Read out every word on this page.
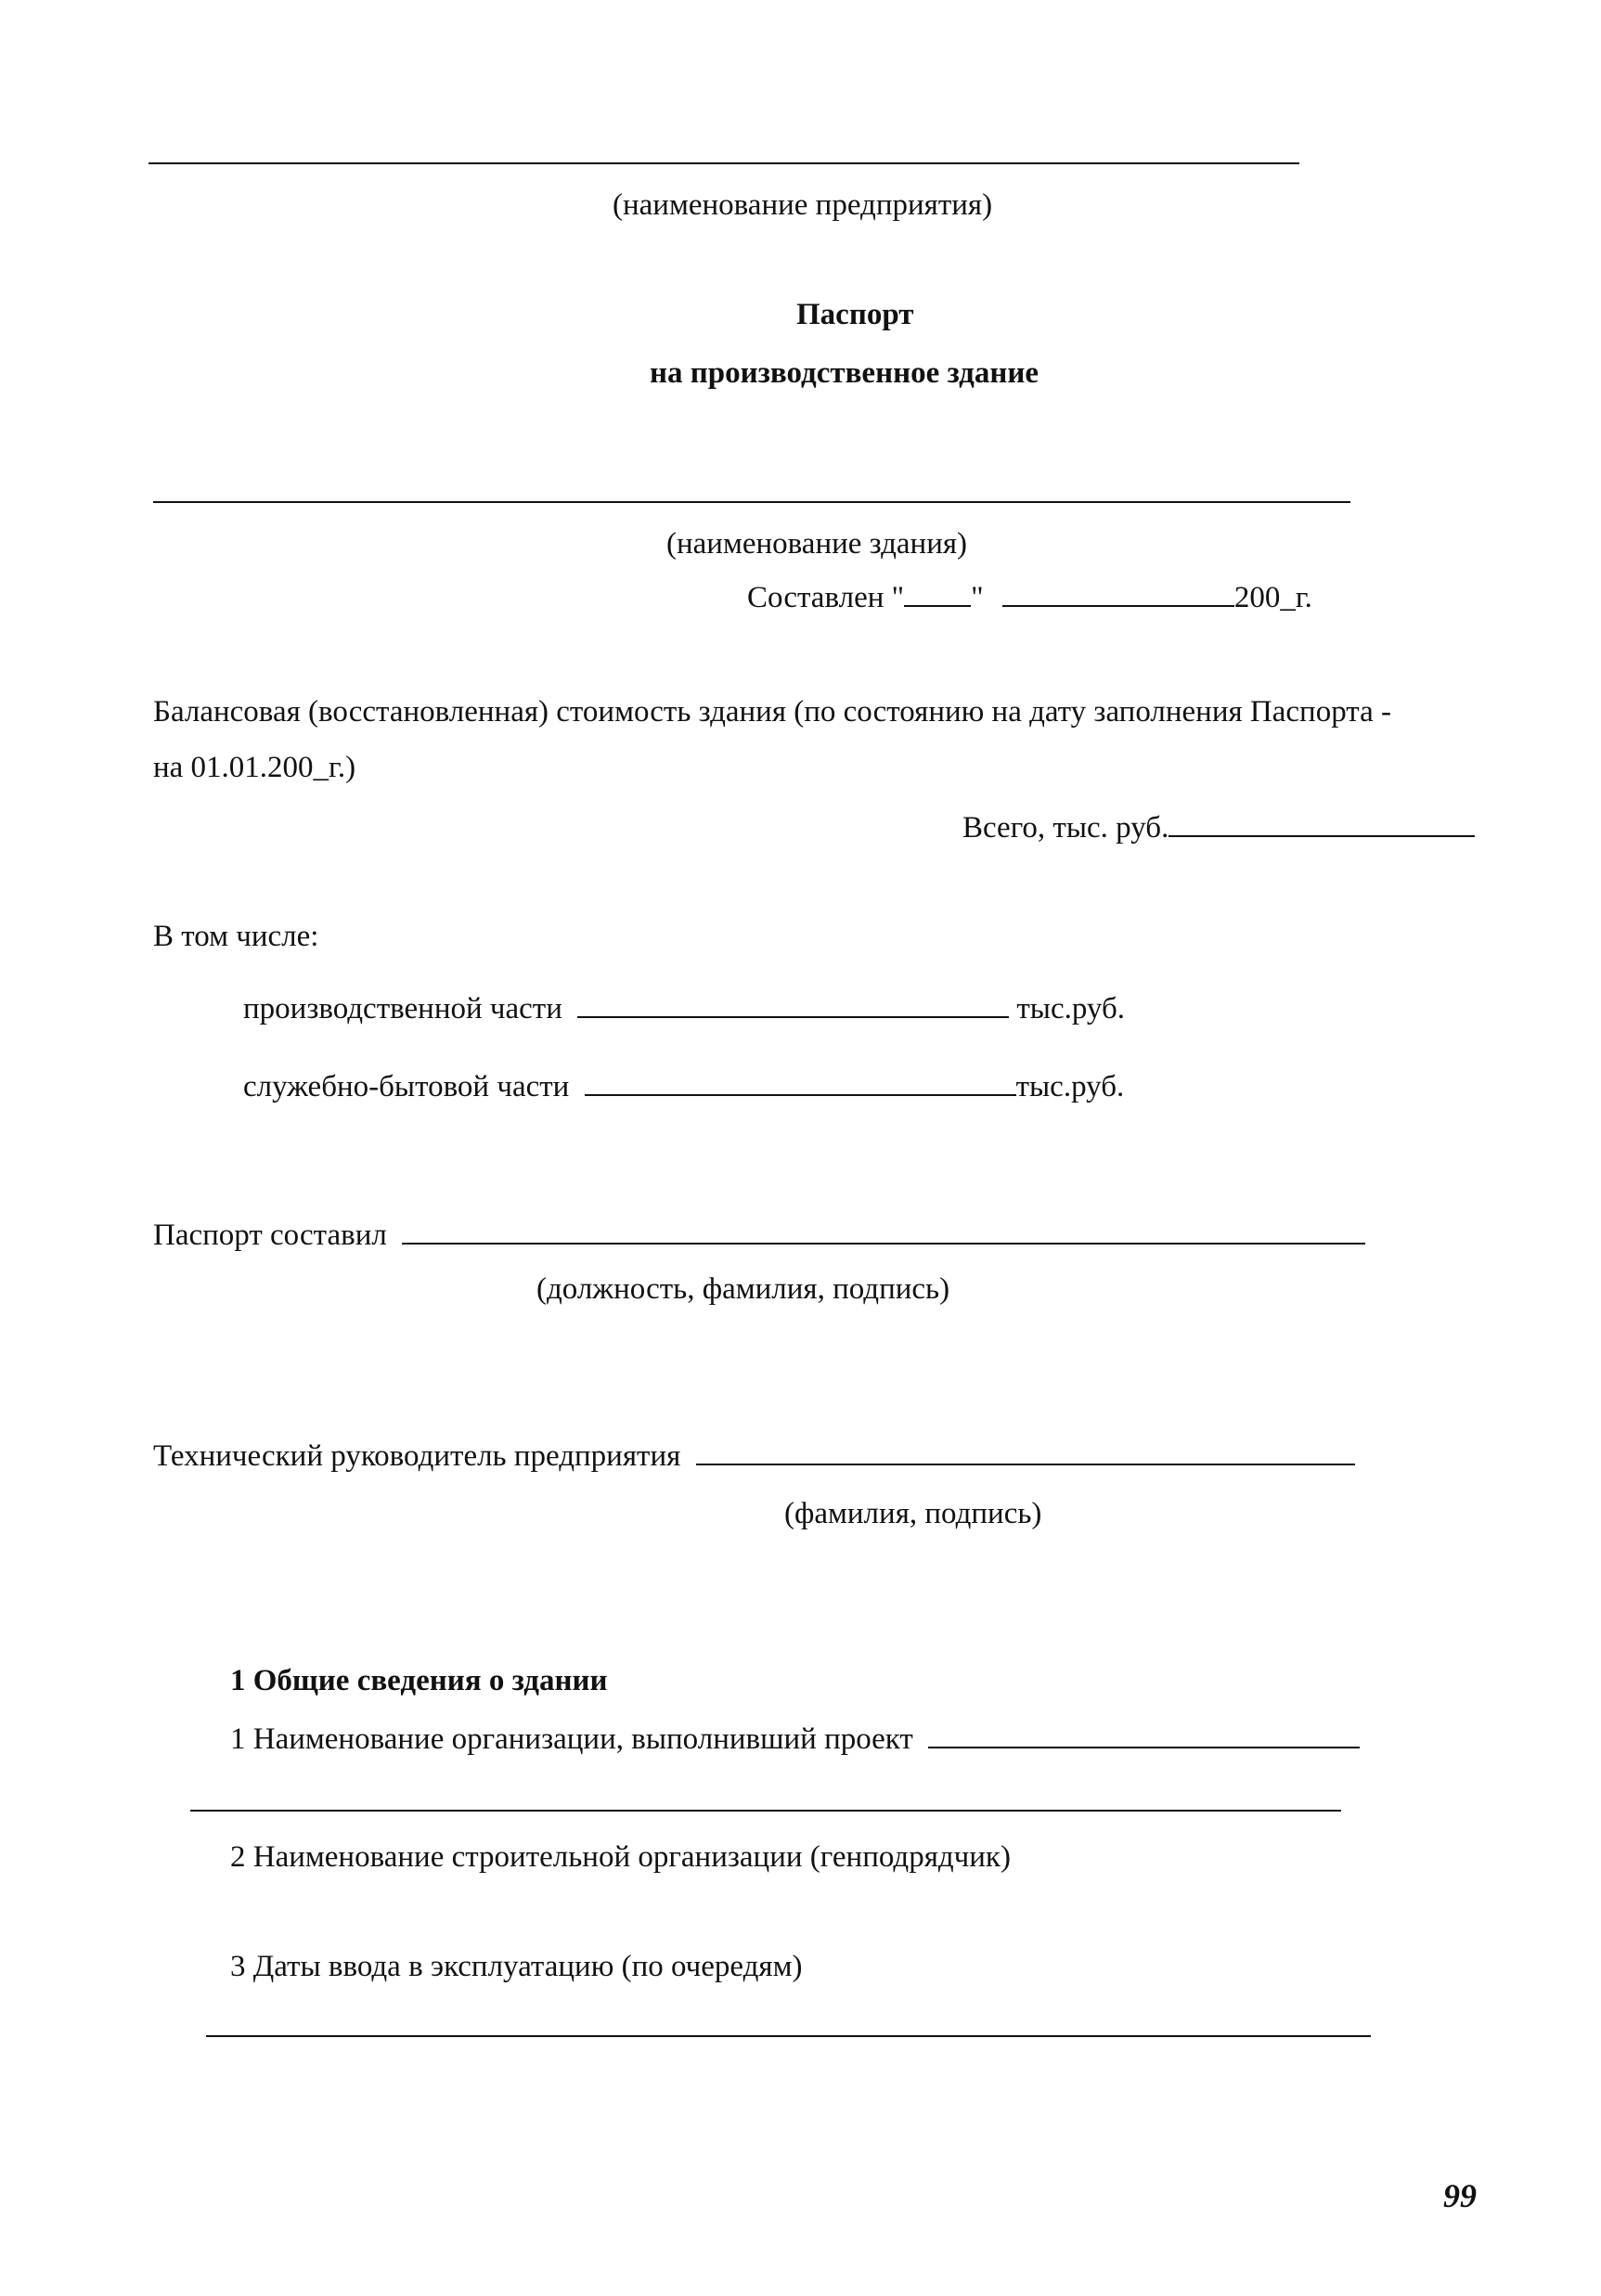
(наименование предприятия)
Паспорт
на производственное здание
(наименование здания)
Составлен " "	200_г.
Балансовая (восстановленная) стоимость здания (по состоянию на дату заполнения Паспорта -
на 01.01.200_г.)
Всего, тыс. руб.
В том числе:
производственной части	тыс.руб.
служебно-бытовой части	тыс.руб.
Паспорт составил
(должность, фамилия, подпись)
Технический руководитель предприятия
(фамилия, подпись)
1 Общие сведения о здании
1 Наименование организации, выполнивший проект
2 Наименование строительной организации (генподрядчик)
3 Даты ввода в эксплуатацию (по очередям)
99
